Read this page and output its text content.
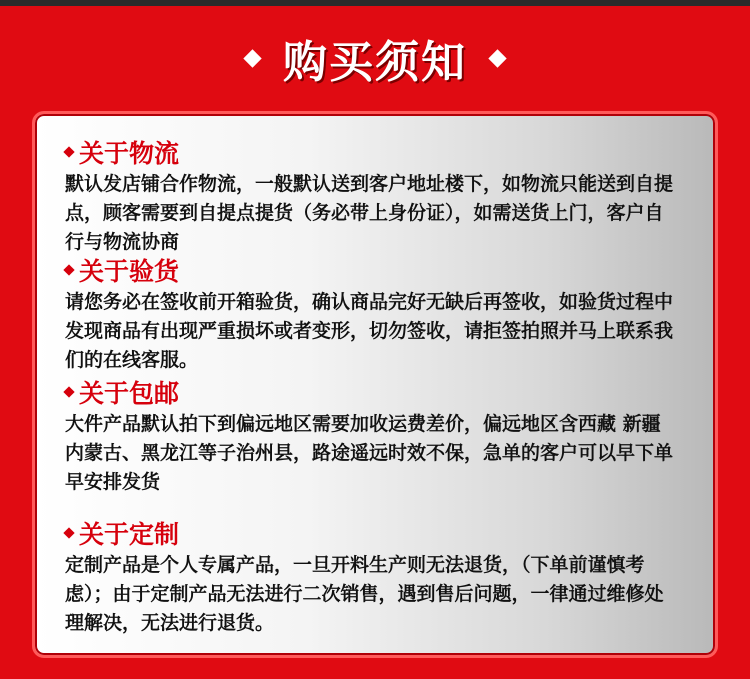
购买须知
关于物流
默认发店铺合作物流，一般默认送到客户地址楼下，如物流只能送到自提
点，顾客需要到自提点提货（务必带上身份证），如需送货上门，客户自
行与物流协商
关于验货
请您务必在签收前开箱验货，确认商品完好无缺后再签收，如验货过程中
发现商品有出现严重损坏或者变形，切勿签收，请拒签拍照并马上联系我
们的在线客服。
关于包邮
大件产品默认拍下到偏远地区需要加收运费差价，偏远地区含西藏 新疆
内蒙古、黑龙江等子治州县，路途遥远时效不保，急单的客户可以早下单
早安排发货
关于定制
定制产品是个人专属产品，一旦开料生产则无法退货，（下单前谨慎考
虑）；由于定制产品无法进行二次销售，遇到售后问题，一律通过维修处
理解决，无法进行退货。
